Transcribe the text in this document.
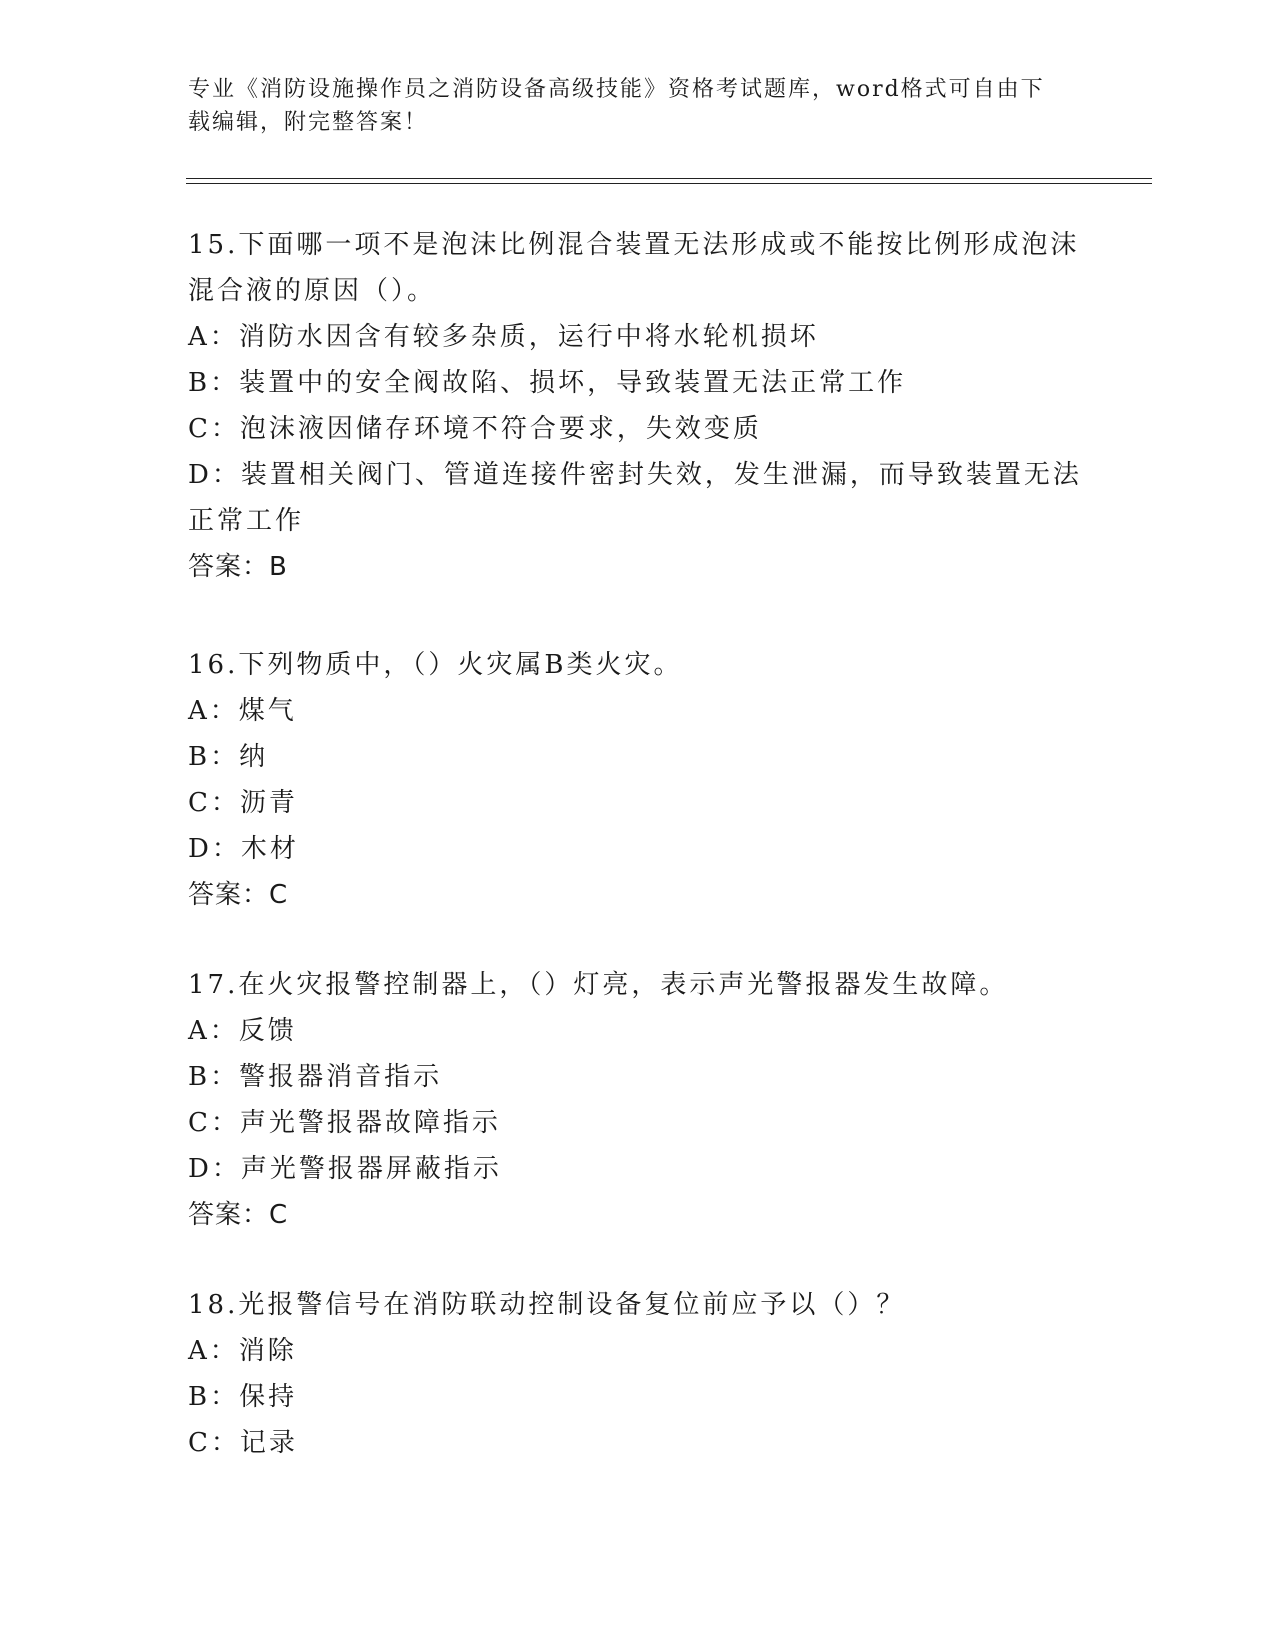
专业《消防设施操作员之消防设备高级技能》资格考试题库，word格式可自由下
载编辑，附完整答案！
15.下面哪一项不是泡沫比例混合装置无法形成或不能按比例形成泡沫
混合液的原因（）。
A：消防水因含有较多杂质，运行中将水轮机损坏
B：装置中的安全阀故陷、损坏，导致装置无法正常工作
C：泡沫液因储存环境不符合要求，失效变质
D：装置相关阀门、管道连接件密封失效，发生泄漏，而导致装置无法
正常工作
答案：B
16.下列物质中，（）火灾属B类火灾。
A：煤气
B：纳
C：沥青
D：木材
答案：C
17.在火灾报警控制器上，（）灯亮，表示声光警报器发生故障。
A：反馈
B：警报器消音指示
C：声光警报器故障指示
D：声光警报器屏蔽指示
答案：C
18.光报警信号在消防联动控制设备复位前应予以（）？
A：消除
B：保持
C：记录
